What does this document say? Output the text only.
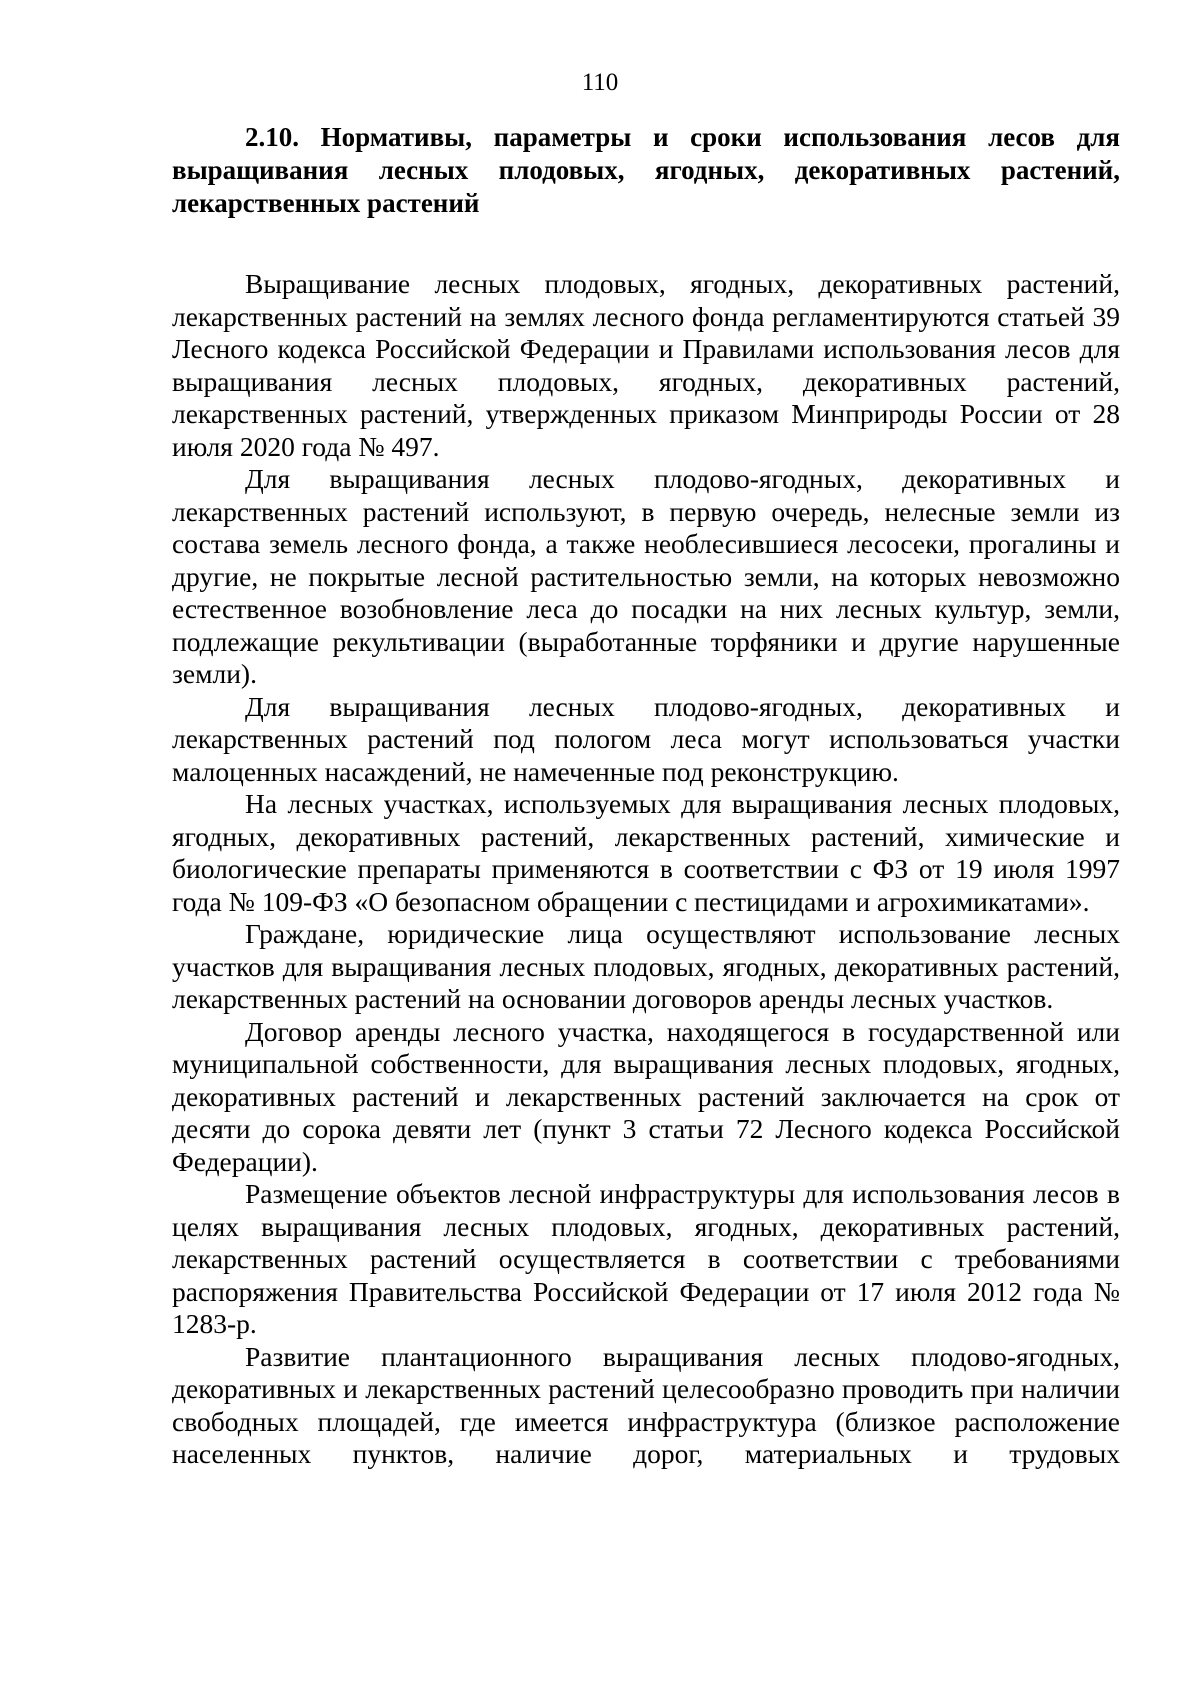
110
2.10. Нормативы, параметры и сроки использования лесов для выращивания лесных плодовых, ягодных, декоративных растений, лекарственных растений

Выращивание лесных плодовых, ягодных, декоративных растений, лекарственных растений на землях лесного фонда регламентируются статьей 39 Лесного кодекса Российской Федерации и Правилами использования лесов для выращивания лесных плодовых, ягодных, декоративных растений, лекарственных растений, утвержденных приказом Минприроды России от 28 июля 2020 года № 497.

Для выращивания лесных плодово-ягодных, декоративных и лекарственных растений используют, в первую очередь, нелесные земли из состава земель лесного фонда, а также необлесившиеся лесосеки, прогалины и другие, не покрытые лесной растительностью земли, на которых невозможно естественное возобновление леса до посадки на них лесных культур, земли, подлежащие рекультивации (выработанные торфяники и другие нарушенные земли).

Для выращивания лесных плодово-ягодных, декоративных и лекарственных растений под пологом леса могут использоваться участки малоценных насаждений, не намеченные под реконструкцию.

На лесных участках, используемых для выращивания лесных плодовых, ягодных, декоративных растений, лекарственных растений, химические и биологические препараты применяются в соответствии с ФЗ от 19 июля 1997 года № 109-ФЗ «О безопасном обращении с пестицидами и агрохимикатами».

Граждане, юридические лица осуществляют использование лесных участков для выращивания лесных плодовых, ягодных, декоративных растений, лекарственных растений на основании договоров аренды лесных участков.

Договор аренды лесного участка, находящегося в государственной или муниципальной собственности, для выращивания лесных плодовых, ягодных, декоративных растений и лекарственных растений заключается на срок от десяти до сорока девяти лет (пункт 3 статьи 72 Лесного кодекса Российской Федерации).

Размещение объектов лесной инфраструктуры для использования лесов в целях выращивания лесных плодовых, ягодных, декоративных растений, лекарственных растений осуществляется в соответствии с требованиями распоряжения Правительства Российской Федерации от 17 июля 2012 года № 1283-р.

Развитие плантационного выращивания лесных плодово-ягодных, декоративных и лекарственных растений целесообразно проводить при наличии свободных площадей, где имеется инфраструктура (близкое расположение населенных пунктов, наличие дорог, материальных и трудовых
